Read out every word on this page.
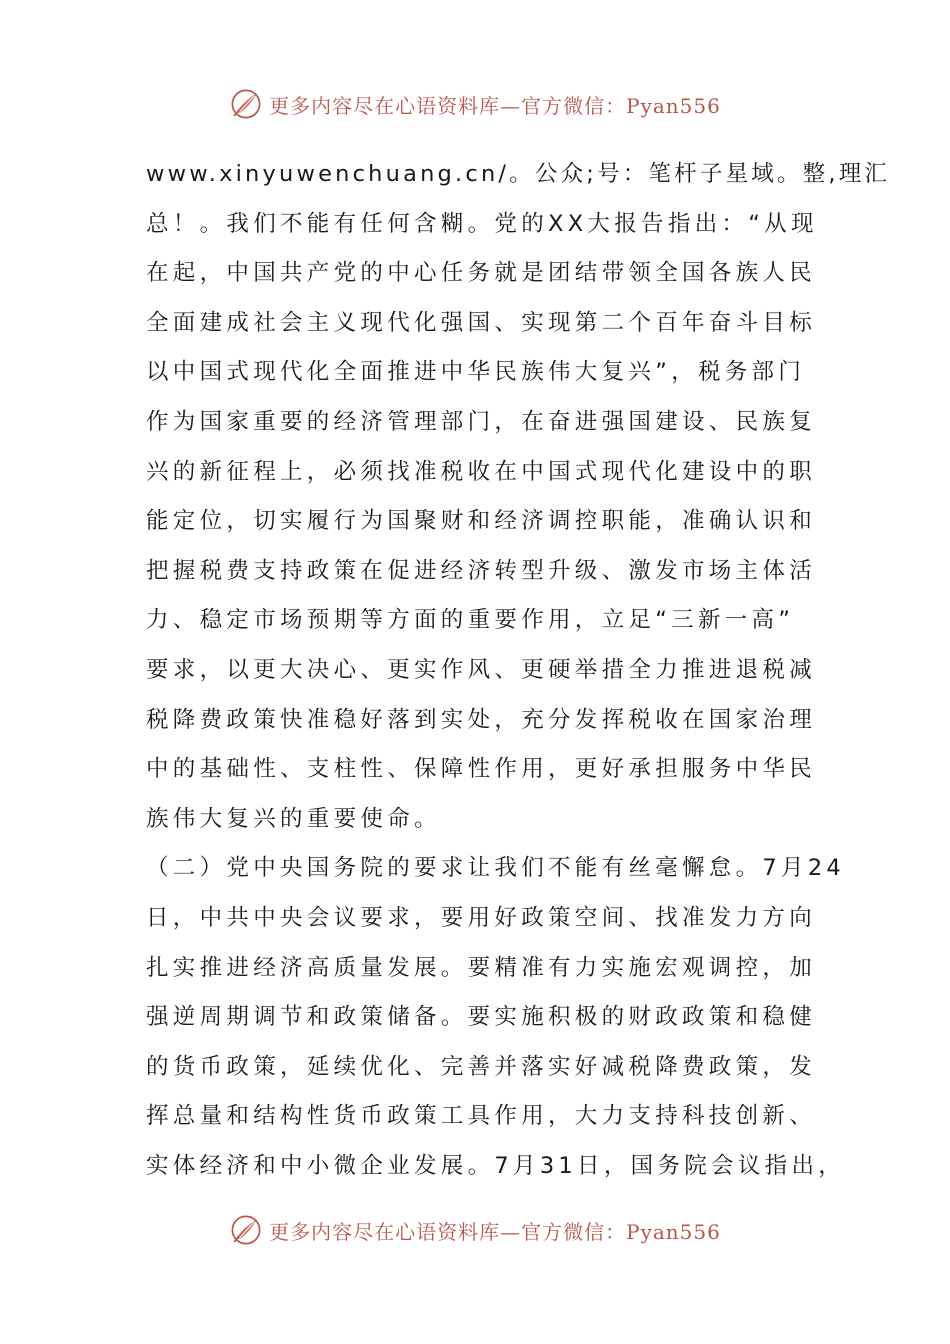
更多内容尽在心语资料库—官方微信：Pyan556
www.xinyuwenchuang.cn/。公众;号：笔杆子星域。整,理汇
总！。我们不能有任何含糊。党的XX大报告指出：“从现
在起，中国共产党的中心任务就是团结带领全国各族人民
全面建成社会主义现代化强国、实现第二个百年奋斗目标
以中国式现代化全面推进中华民族伟大复兴”，税务部门
作为国家重要的经济管理部门，在奋进强国建设、民族复
兴的新征程上，必须找准税收在中国式现代化建设中的职
能定位，切实履行为国聚财和经济调控职能，准确认识和
把握税费支持政策在促进经济转型升级、激发市场主体活
力、稳定市场预期等方面的重要作用，立足“三新一高”
要求，以更大决心、更实作风、更硬举措全力推进退税减
税降费政策快准稳好落到实处，充分发挥税收在国家治理
中的基础性、支柱性、保障性作用，更好承担服务中华民
族伟大复兴的重要使命。
（二）党中央国务院的要求让我们不能有丝毫懈怠。7月24
日，中共中央会议要求，要用好政策空间、找准发力方向
扎实推进经济高质量发展。要精准有力实施宏观调控，加
强逆周期调节和政策储备。要实施积极的财政政策和稳健
的货币政策，延续优化、完善并落实好减税降费政策，发
挥总量和结构性货币政策工具作用，大力支持科技创新、
实体经济和中小微企业发展。7月31日，国务院会议指出，
更多内容尽在心语资料库—官方微信：Pyan556
